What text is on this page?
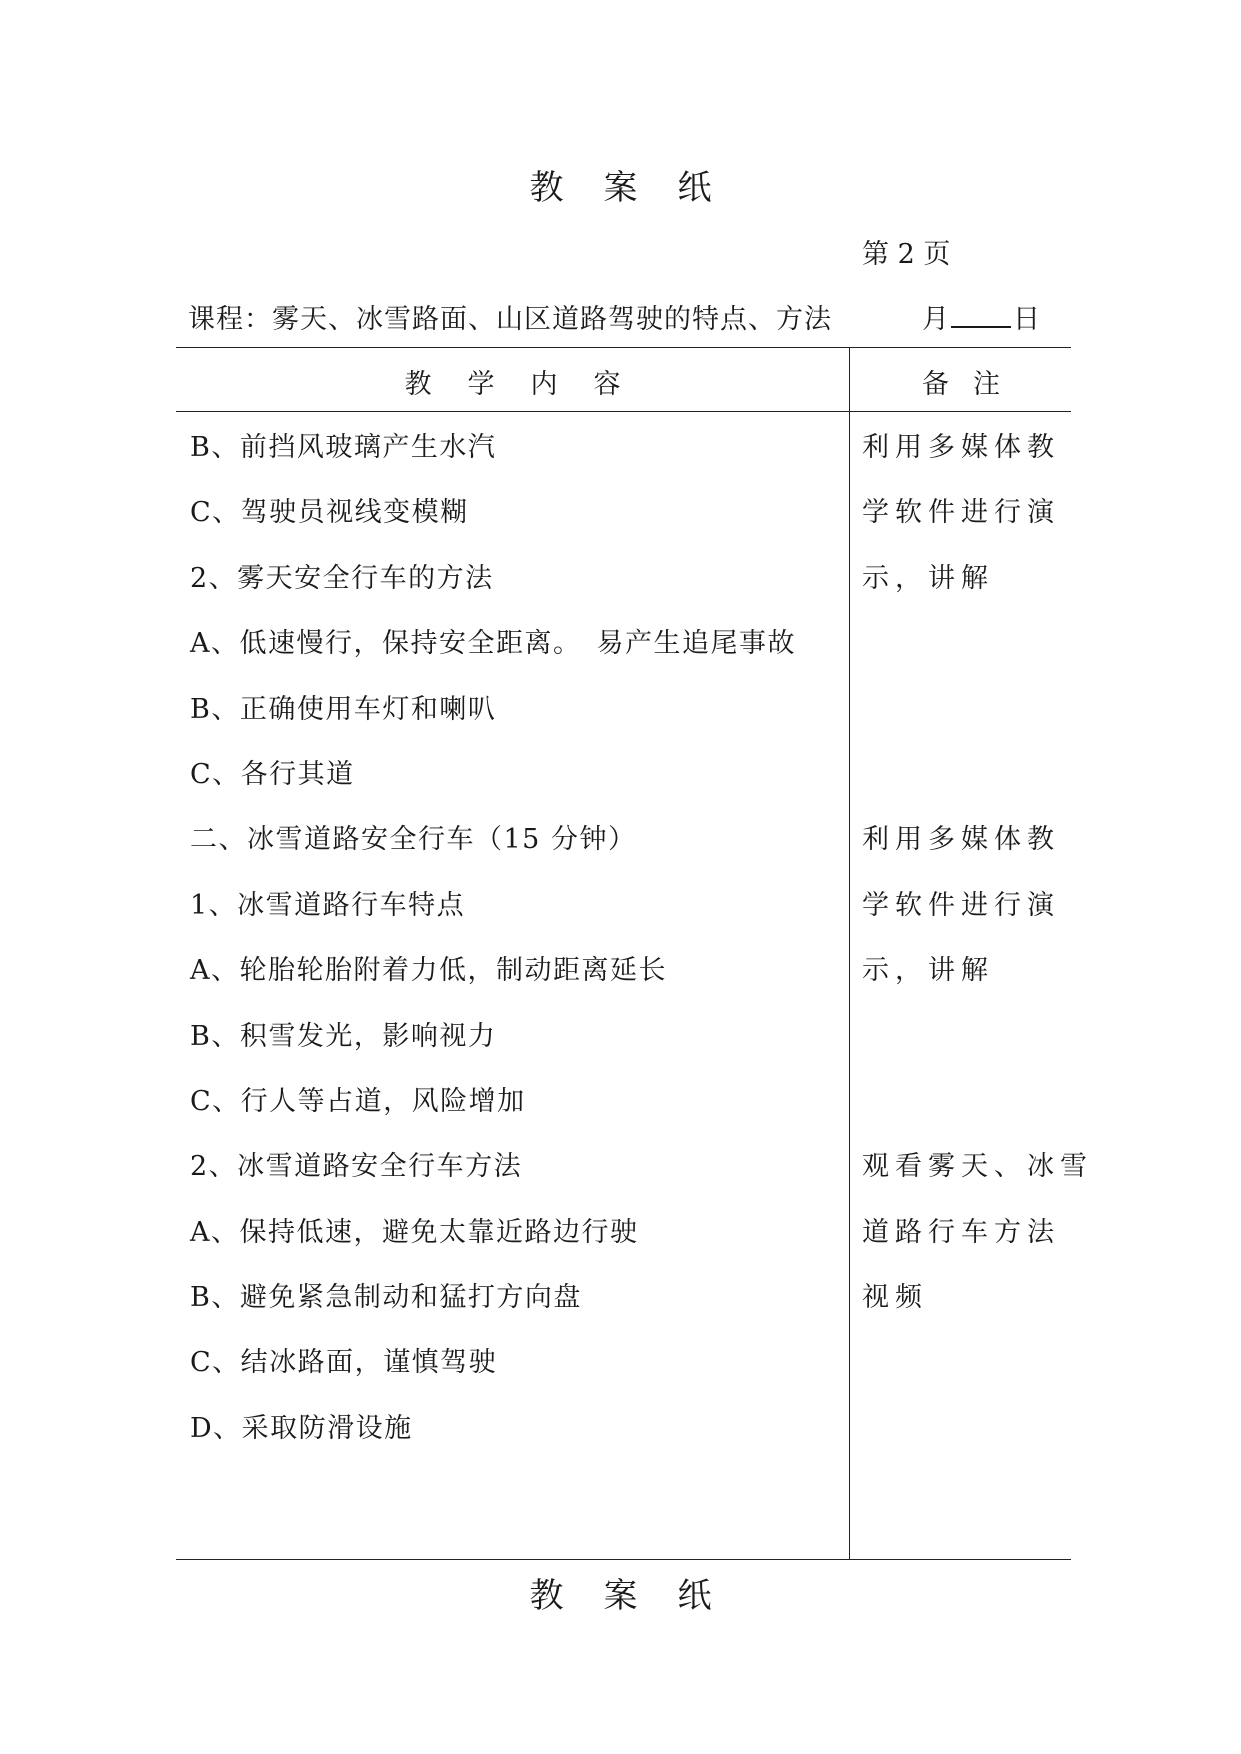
教案纸
第 2 页
课程：雾天、冰雪路面、山区道路驾驶的特点、方法	月 日
教学内容	备注
B、前挡风玻璃产生水汽
C、驾驶员视线变模糊
2、雾天安全行车的方法
A、低速慢行，保持安全距离。　易产生追尾事故
B、正确使用车灯和喇叭
C、各行其道
二、冰雪道路安全行车（15 分钟）
1、冰雪道路行车特点
A、轮胎轮胎附着力低，制动距离延长
B、积雪发光，影响视力
C、行人等占道，风险增加
2、冰雪道路安全行车方法
A、保持低速，避免太靠近路边行驶
B、避免紧急制动和猛打方向盘
C、结冰路面，谨慎驾驶
D、采取防滑设施
利用多媒体教
学软件进行演
示，讲解
利用多媒体教
学软件进行演
示，讲解
观看雾天、冰雪
道路行车方法
视频
教案纸
